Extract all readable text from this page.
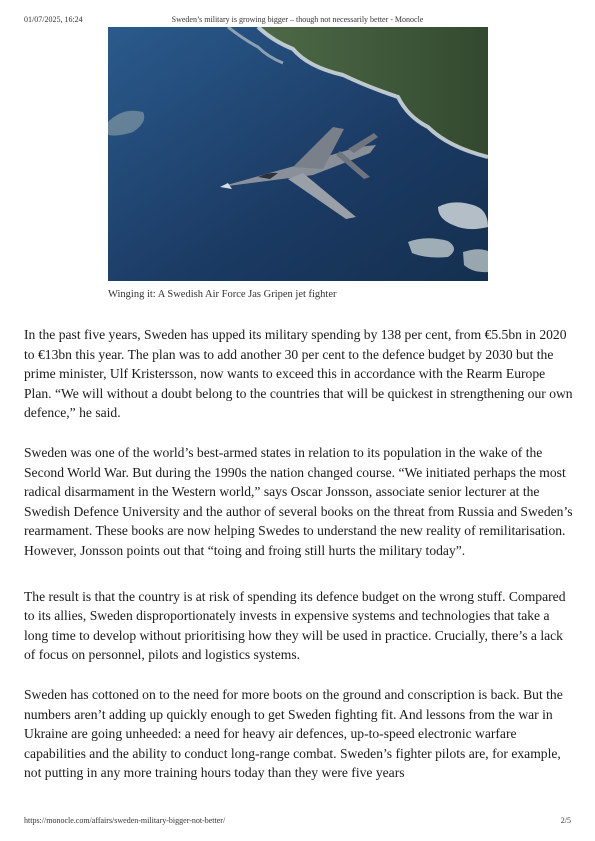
01/07/2025, 16:24	Sweden’s military is growing bigger – though not necessarily better - Monocle
Winging it: A Swedish Air Force Jas Gripen jet fighter

In the past five years, Sweden has upped its military spending by 138 per cent, from €5.5bn in 2020 to €13bn this year. The plan was to add another 30 per cent to the defence budget by 2030 but the prime minister, Ulf Kristersson, now wants to exceed this in accordance with the Rearm Europe Plan. “We will without a doubt belong to the countries that will be quickest in strengthening our own defence,” he said.

Sweden was one of the world’s best-armed states in relation to its population in the wake of the Second World War. But during the 1990s the nation changed course. “We initiated perhaps the most radical disarmament in the Western world,” says Oscar Jonsson, associate senior lecturer at the Swedish Defence University and the author of several books on the threat from Russia and Sweden’s rearmament. These books are now helping Swedes to understand the new reality of remilitarisation. However, Jonsson points out that “toing and froing still hurts the military today”.

The result is that the country is at risk of spending its defence budget on the wrong stuff. Compared to its allies, Sweden disproportionately invests in expensive systems and technologies that take a long time to develop without prioritising how they will be used in practice. Crucially, there’s a lack of focus on personnel, pilots and logistics systems.

Sweden has cottoned on to the need for more boots on the ground and conscription is back. But the numbers aren’t adding up quickly enough to get Sweden fighting fit. And lessons from the war in Ukraine are going unheeded: a need for heavy air defences, up-to-speed electronic warfare capabilities and the ability to conduct long-range combat. Sweden’s fighter pilots are, for example, not putting in any more training hours today than they were five years

https://monocle.com/affairs/sweden-military-bigger-not-better/	2/5
